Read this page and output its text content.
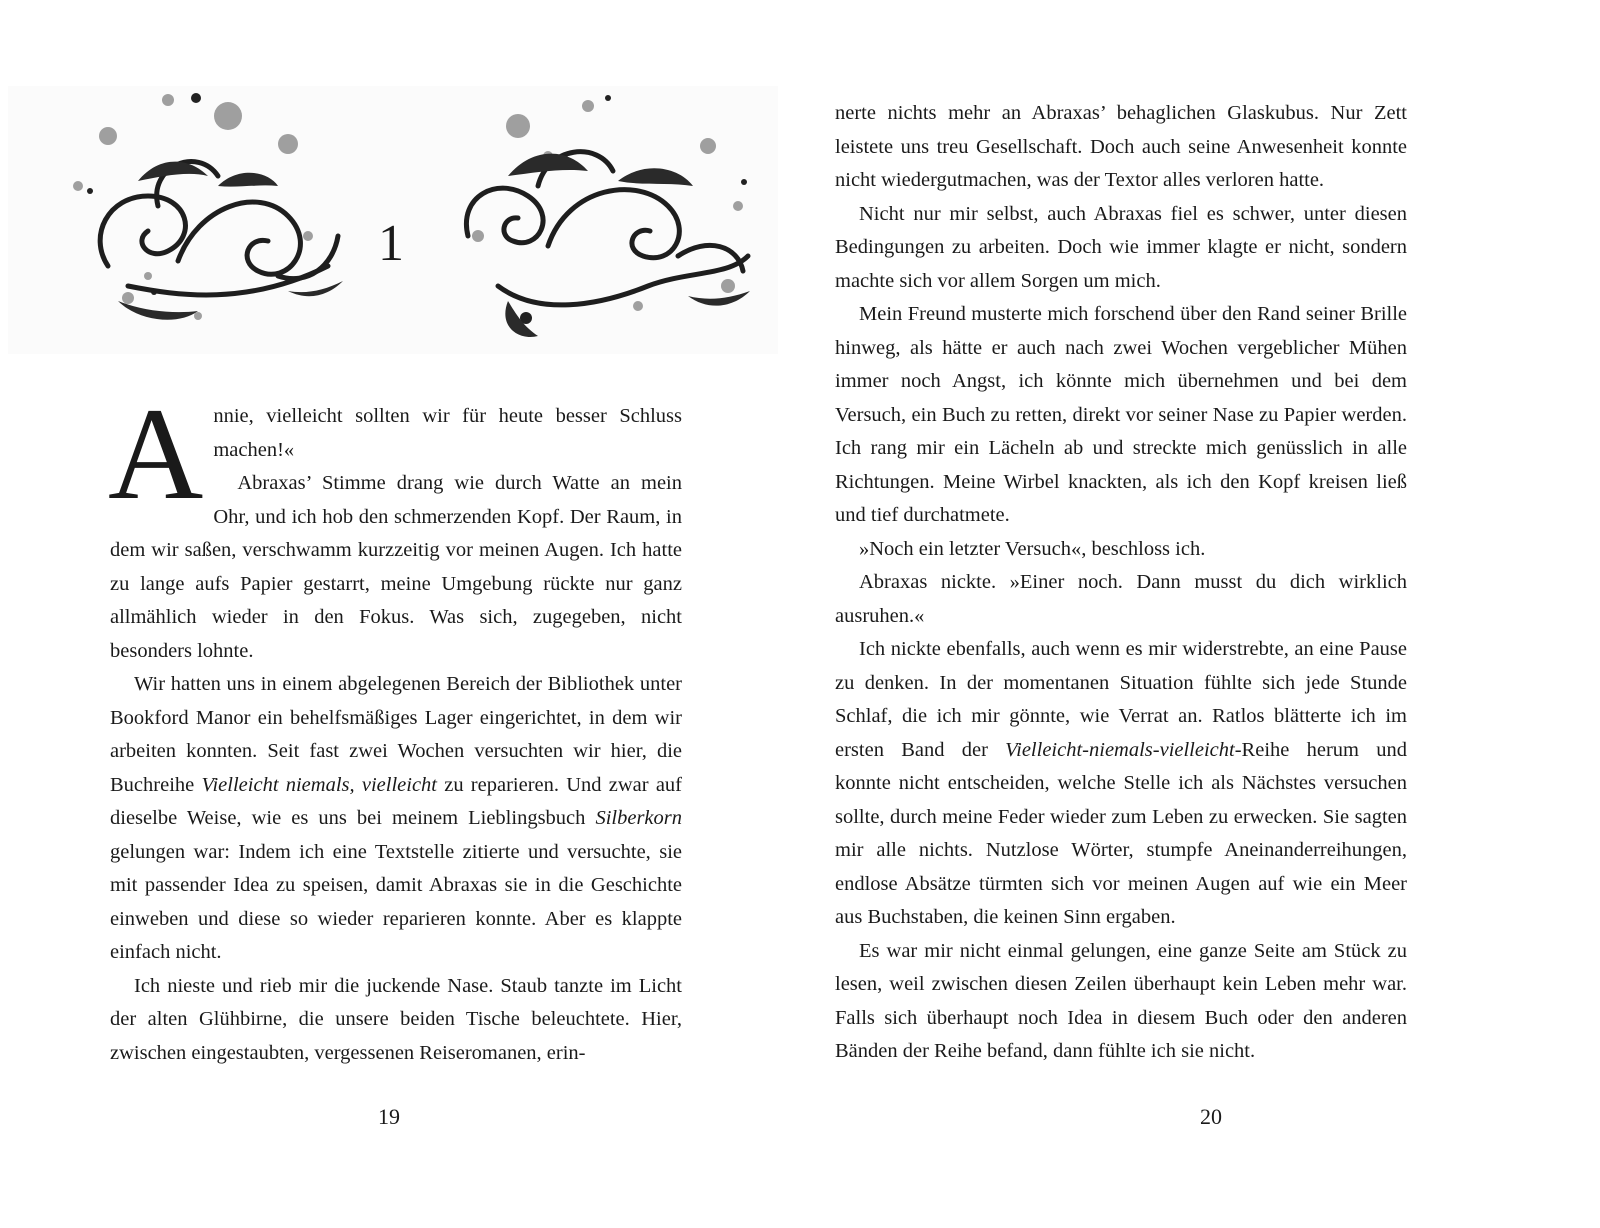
1

Annie, vielleicht sollten wir für heute besser Schluss machen!«

Abraxas’ Stimme drang wie durch Watte an mein Ohr, und ich hob den schmerzenden Kopf. Der Raum, in dem wir saßen, verschwamm kurzzeitig vor meinen Augen. Ich hatte zu lange aufs Papier gestarrt, meine Umgebung rückte nur ganz allmählich wieder in den Fokus. Was sich, zugegeben, nicht besonders lohnte.

Wir hatten uns in einem abgelegenen Bereich der Bibliothek unter Bookford Manor ein behelfsmäßiges Lager eingerichtet, in dem wir arbeiten konnten. Seit fast zwei Wochen versuchten wir hier, die Buchreihe Vielleicht niemals, vielleicht zu reparieren. Und zwar auf dieselbe Weise, wie es uns bei meinem Lieblingsbuch Silberkorn gelungen war: Indem ich eine Textstelle zitierte und versuchte, sie mit passender Idea zu speisen, damit Abraxas sie in die Geschichte einweben und diese so wieder reparieren konnte. Aber es klappte einfach nicht.

Ich nieste und rieb mir die juckende Nase. Staub tanzte im Licht der alten Glühbirne, die unsere beiden Tische beleuchtete. Hier, zwischen eingestaubten, vergessenen Reiseromanen, erin-

19

nerte nichts mehr an Abraxas’ behaglichen Glaskubus. Nur Zett leistete uns treu Gesellschaft. Doch auch seine Anwesenheit konnte nicht wiedergutmachen, was der Textor alles verloren hatte.

Nicht nur mir selbst, auch Abraxas fiel es schwer, unter diesen Bedingungen zu arbeiten. Doch wie immer klagte er nicht, sondern machte sich vor allem Sorgen um mich.

Mein Freund musterte mich forschend über den Rand seiner Brille hinweg, als hätte er auch nach zwei Wochen vergeblicher Mühen immer noch Angst, ich könnte mich übernehmen und bei dem Versuch, ein Buch zu retten, direkt vor seiner Nase zu Papier werden. Ich rang mir ein Lächeln ab und streckte mich genüsslich in alle Richtungen. Meine Wirbel knackten, als ich den Kopf kreisen ließ und tief durchatmete.

»Noch ein letzter Versuch«, beschloss ich.

Abraxas nickte. »Einer noch. Dann musst du dich wirklich ausruhen.«

Ich nickte ebenfalls, auch wenn es mir widerstrebte, an eine Pause zu denken. In der momentanen Situation fühlte sich jede Stunde Schlaf, die ich mir gönnte, wie Verrat an. Ratlos blätterte ich im ersten Band der Vielleicht-niemals-vielleicht-Reihe herum und konnte nicht entscheiden, welche Stelle ich als Nächstes versuchen sollte, durch meine Feder wieder zum Leben zu erwecken. Sie sagten mir alle nichts. Nutzlose Wörter, stumpfe Aneinanderreihungen, endlose Absätze türmten sich vor meinen Augen auf wie ein Meer aus Buchstaben, die keinen Sinn ergaben.

Es war mir nicht einmal gelungen, eine ganze Seite am Stück zu lesen, weil zwischen diesen Zeilen überhaupt kein Leben mehr war. Falls sich überhaupt noch Idea in diesem Buch oder den anderen Bänden der Reihe befand, dann fühlte ich sie nicht.

20
